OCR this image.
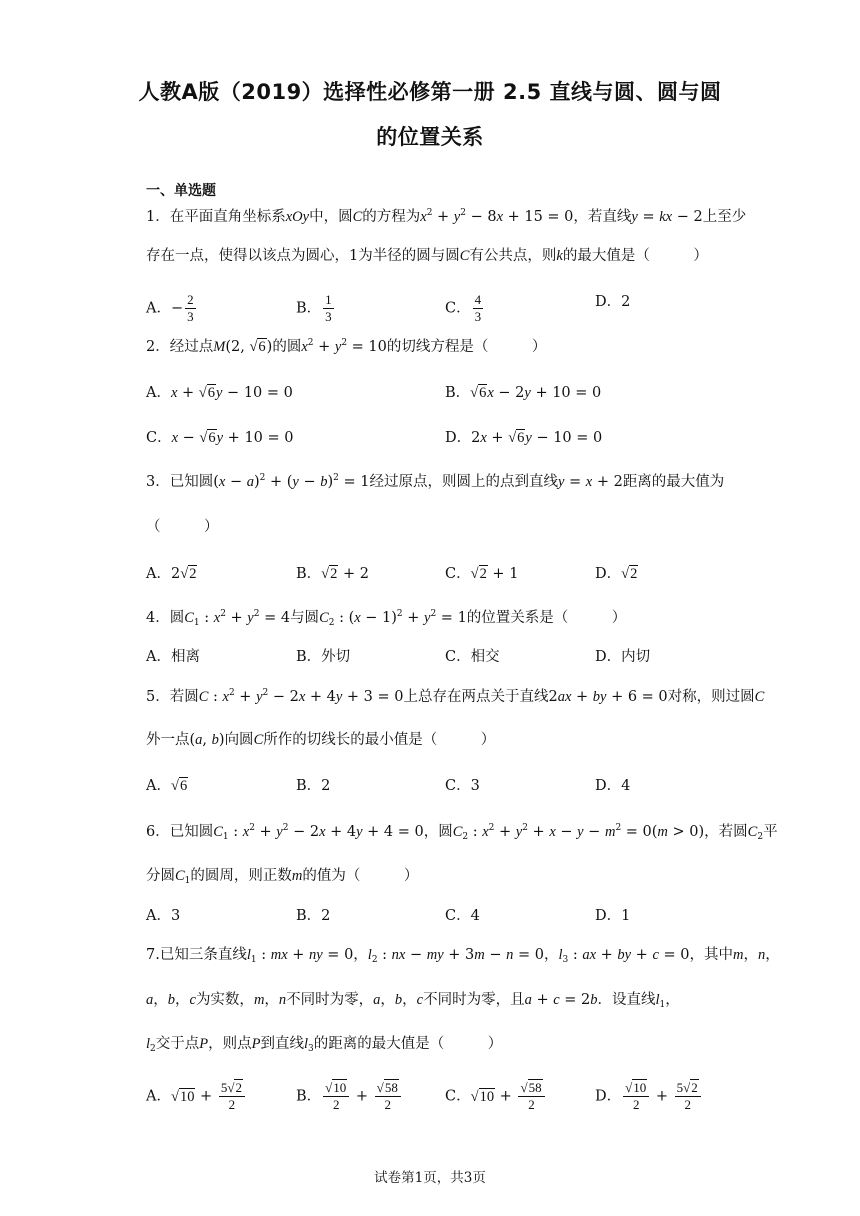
人教A版（2019）选择性必修第一册 2.5 直线与圆、圆与圆
的位置关系
一、单选题
1．在平面直角坐标系xOy中，圆C的方程为$x^2 + y^2 - 8x + 15 = 0$，若直线y = kx − 2上至少
存在一点，使得以该点为圆心，1为半径的圆与圆C有公共点，则k的最大值是（　　　）
A．− $\frac{2}{3}$	B． $\frac{1}{3}$	C． $\frac{4}{3}$	D．2
2．经过点M(2, √6)的圆$x^2 + y^2 = 10$的切线方程是（　　　）
A．x + √6y − 10 = 0	B．√6x − 2y + 10 = 0
C．x − √6y + 10 = 0	D．2x + √6y − 10 = 0
3．已知圆$(x - a)^2 + (y - b)^2 = 1$经过原点，则圆上的点到直线y = x + 2距离的最大值为
（　　　）
A．2√2	B．√2 + 2	C．√2 + 1	D．√2
4．圆$C_1$ : $x^2 + y^2 = 4$与圆$C_2$ : $(x - 1)^2 + y^2 = 1$的位置关系是（　　　）
A．相离	B．外切	C．相交	D．内切
5．若圆C : $x^2 + y^2 - 2x + 4y + 3 = 0$上总存在两点关于直线2ax + by + 6 = 0对称，则过圆C
外一点(a, b)向圆C所作的切线长的最小值是（　　　）
A．√6	B．2	C．3	D．4
6．已知圆$C_1$ : $x^2 + y^2 - 2x + 4y + 4 = 0$，圆$C_2$ : $x^2 + y^2 + x - y - m^2 = 0(m > 0)$，若圆$C_2$平
分圆$C_1$的圆周，则正数m的值为（　　　）
A．3	B．2	C．4	D．1
7.已知三条直线$l_1$ : mx + ny = 0，$l_2$ : nx − my + 3m − n = 0，$l_3$ : ax + by + c = 0，其中m，n，
a，b，c为实数，m，n不同时为零，a，b，c不同时为零，且a + c = 2b．设直线$l_1$，
$l_2$交于点P，则点P到直线$l_3$的距离的最大值是（　　　）
A．$√10 + \frac{5√2}{2}$	B． $\frac{√10}{2} + \frac{√58}{2}$	C．$√10 + \frac{√58}{2}$	D． $\frac{√10}{2} + \frac{5√2}{2}$
试卷第1页，共3页
